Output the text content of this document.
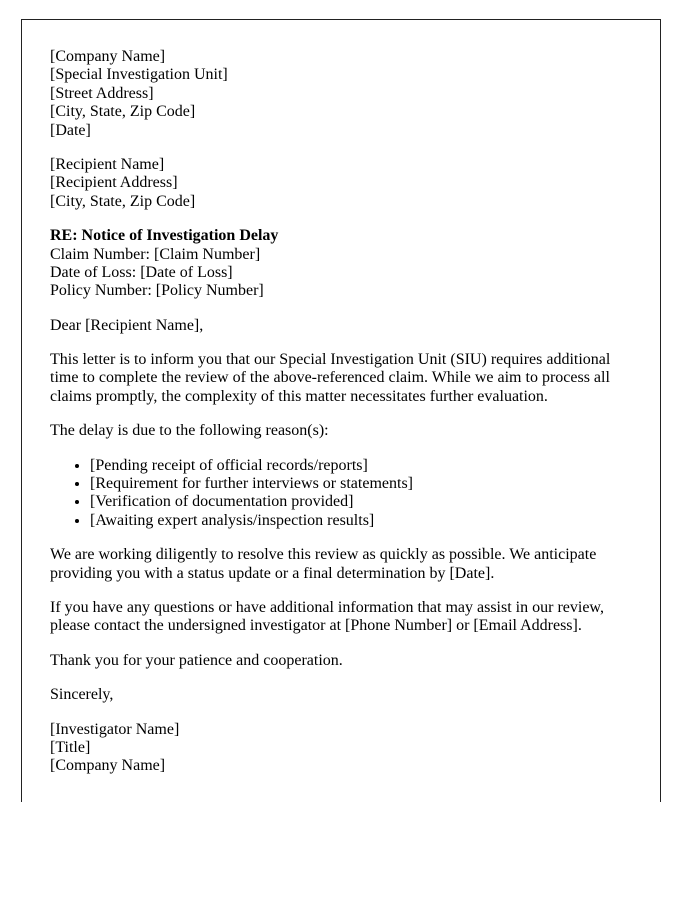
[Company Name]
[Special Investigation Unit]
[Street Address]
[City, State, Zip Code]
[Date]

[Recipient Name]
[Recipient Address]
[City, State, Zip Code]

RE: Notice of Investigation Delay
Claim Number: [Claim Number]
Date of Loss: [Date of Loss]
Policy Number: [Policy Number]

Dear [Recipient Name],

This letter is to inform you that our Special Investigation Unit (SIU) requires additional time to complete the review of the above-referenced claim. While we aim to process all claims promptly, the complexity of this matter necessitates further evaluation.

The delay is due to the following reason(s):

• [Pending receipt of official records/reports]
• [Requirement for further interviews or statements]
• [Verification of documentation provided]
• [Awaiting expert analysis/inspection results]

We are working diligently to resolve this review as quickly as possible. We anticipate providing you with a status update or a final determination by [Date].

If you have any questions or have additional information that may assist in our review, please contact the undersigned investigator at [Phone Number] or [Email Address].

Thank you for your patience and cooperation.

Sincerely,

[Investigator Name]
[Title]
[Company Name]
